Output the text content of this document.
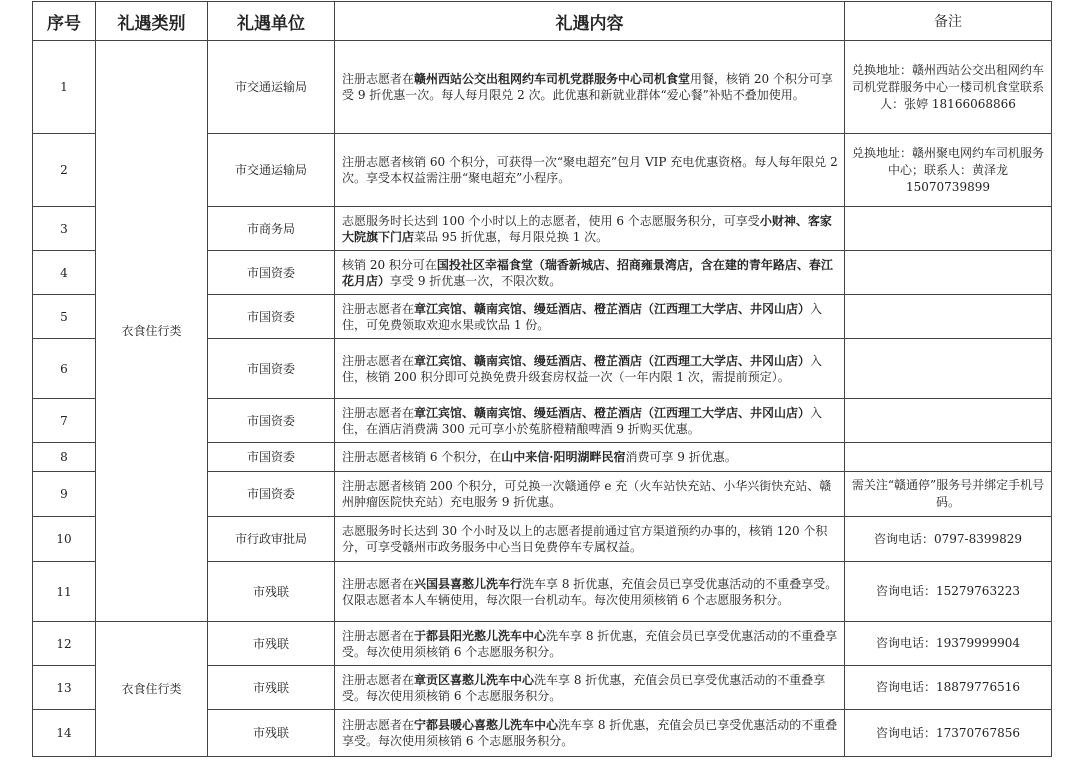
序号	礼遇类别	礼遇单位	礼遇内容	备注
1	衣食住行类	市交通运输局	注册志愿者在赣州西站公交出租网约车司机党群服务中心司机食堂用餐，核销 20 个积分可享受 9 折优惠一次。每人每月限兑 2 次。此优惠和新就业群体“爱心餐”补贴不叠加使用。	兑换地址：赣州西站公交出租网约车司机党群服务中心一楼司机食堂联系人：张婷 18166068866
2		市交通运输局	注册志愿者核销 60 个积分，可获得一次“聚电超充”包月 VIP 充电优惠资格。每人每年限兑 2 次。享受本权益需注册“聚电超充”小程序。	兑换地址：赣州聚电网约车司机服务中心；联系人：黄泽龙 15070739899
3		市商务局	志愿服务时长达到 100 个小时以上的志愿者，使用 6 个志愿服务积分，可享受小财神、客家大院旗下门店菜品 95 折优惠，每月限兑换 1 次。	
4		市国资委	核销 20 积分可在国投社区幸福食堂（瑞香新城店、招商雍景湾店，含在建的青年路店、春江花月店）享受 9 折优惠一次，不限次数。	
5		市国资委	注册志愿者在章江宾馆、赣南宾馆、缦廷酒店、橙芷酒店（江西理工大学店、井冈山店）入住，可免费领取欢迎水果或饮品 1 份。	
6		市国资委	注册志愿者在章江宾馆、赣南宾馆、缦廷酒店、橙芷酒店（江西理工大学店、井冈山店）入住，核销 200 积分即可兑换免费升级套房权益一次（一年内限 1 次，需提前预定）。	
7		市国资委	注册志愿者在章江宾馆、赣南宾馆、缦廷酒店、橙芷酒店（江西理工大学店、井冈山店）入住，在酒店消费满 300 元可享小於菟脐橙精酿啤酒 9 折购买优惠。	
8		市国资委	注册志愿者核销 6 个积分，在山中来信·阳明湖畔民宿消费可享 9 折优惠。	
9		市国资委	注册志愿者核销 200 个积分，可兑换一次赣通停 e 充（火车站快充站、小华兴街快充站、赣州肿瘤医院快充站）充电服务 9 折优惠。	需关注“赣通停”服务号并绑定手机号码。
10		市行政审批局	志愿服务时长达到 30 个小时及以上的志愿者提前通过官方渠道预约办事的，核销 120 个积分，可享受赣州市政务服务中心当日免费停车专属权益。	咨询电话：0797-8399829
11		市残联	注册志愿者在兴国县喜憨儿洗车行洗车享 8 折优惠，充值会员已享受优惠活动的不重叠享受。仅限志愿者本人车辆使用，每次限一台机动车。每次使用须核销 6 个志愿服务积分。	咨询电话：15279763223
12	衣食住行类	市残联	注册志愿者在于都县阳光憨儿洗车中心洗车享 8 折优惠，充值会员已享受优惠活动的不重叠享受。每次使用须核销 6 个志愿服务积分。	咨询电话：19379999904
13		市残联	注册志愿者在章贡区喜憨儿洗车中心洗车享 8 折优惠，充值会员已享受优惠活动的不重叠享受。每次使用须核销 6 个志愿服务积分。	咨询电话：18879776516
14		市残联	注册志愿者在宁都县暖心喜憨儿洗车中心洗车享 8 折优惠，充值会员已享受优惠活动的不重叠享受。每次使用须核销 6 个志愿服务积分。	咨询电话：17370767856
